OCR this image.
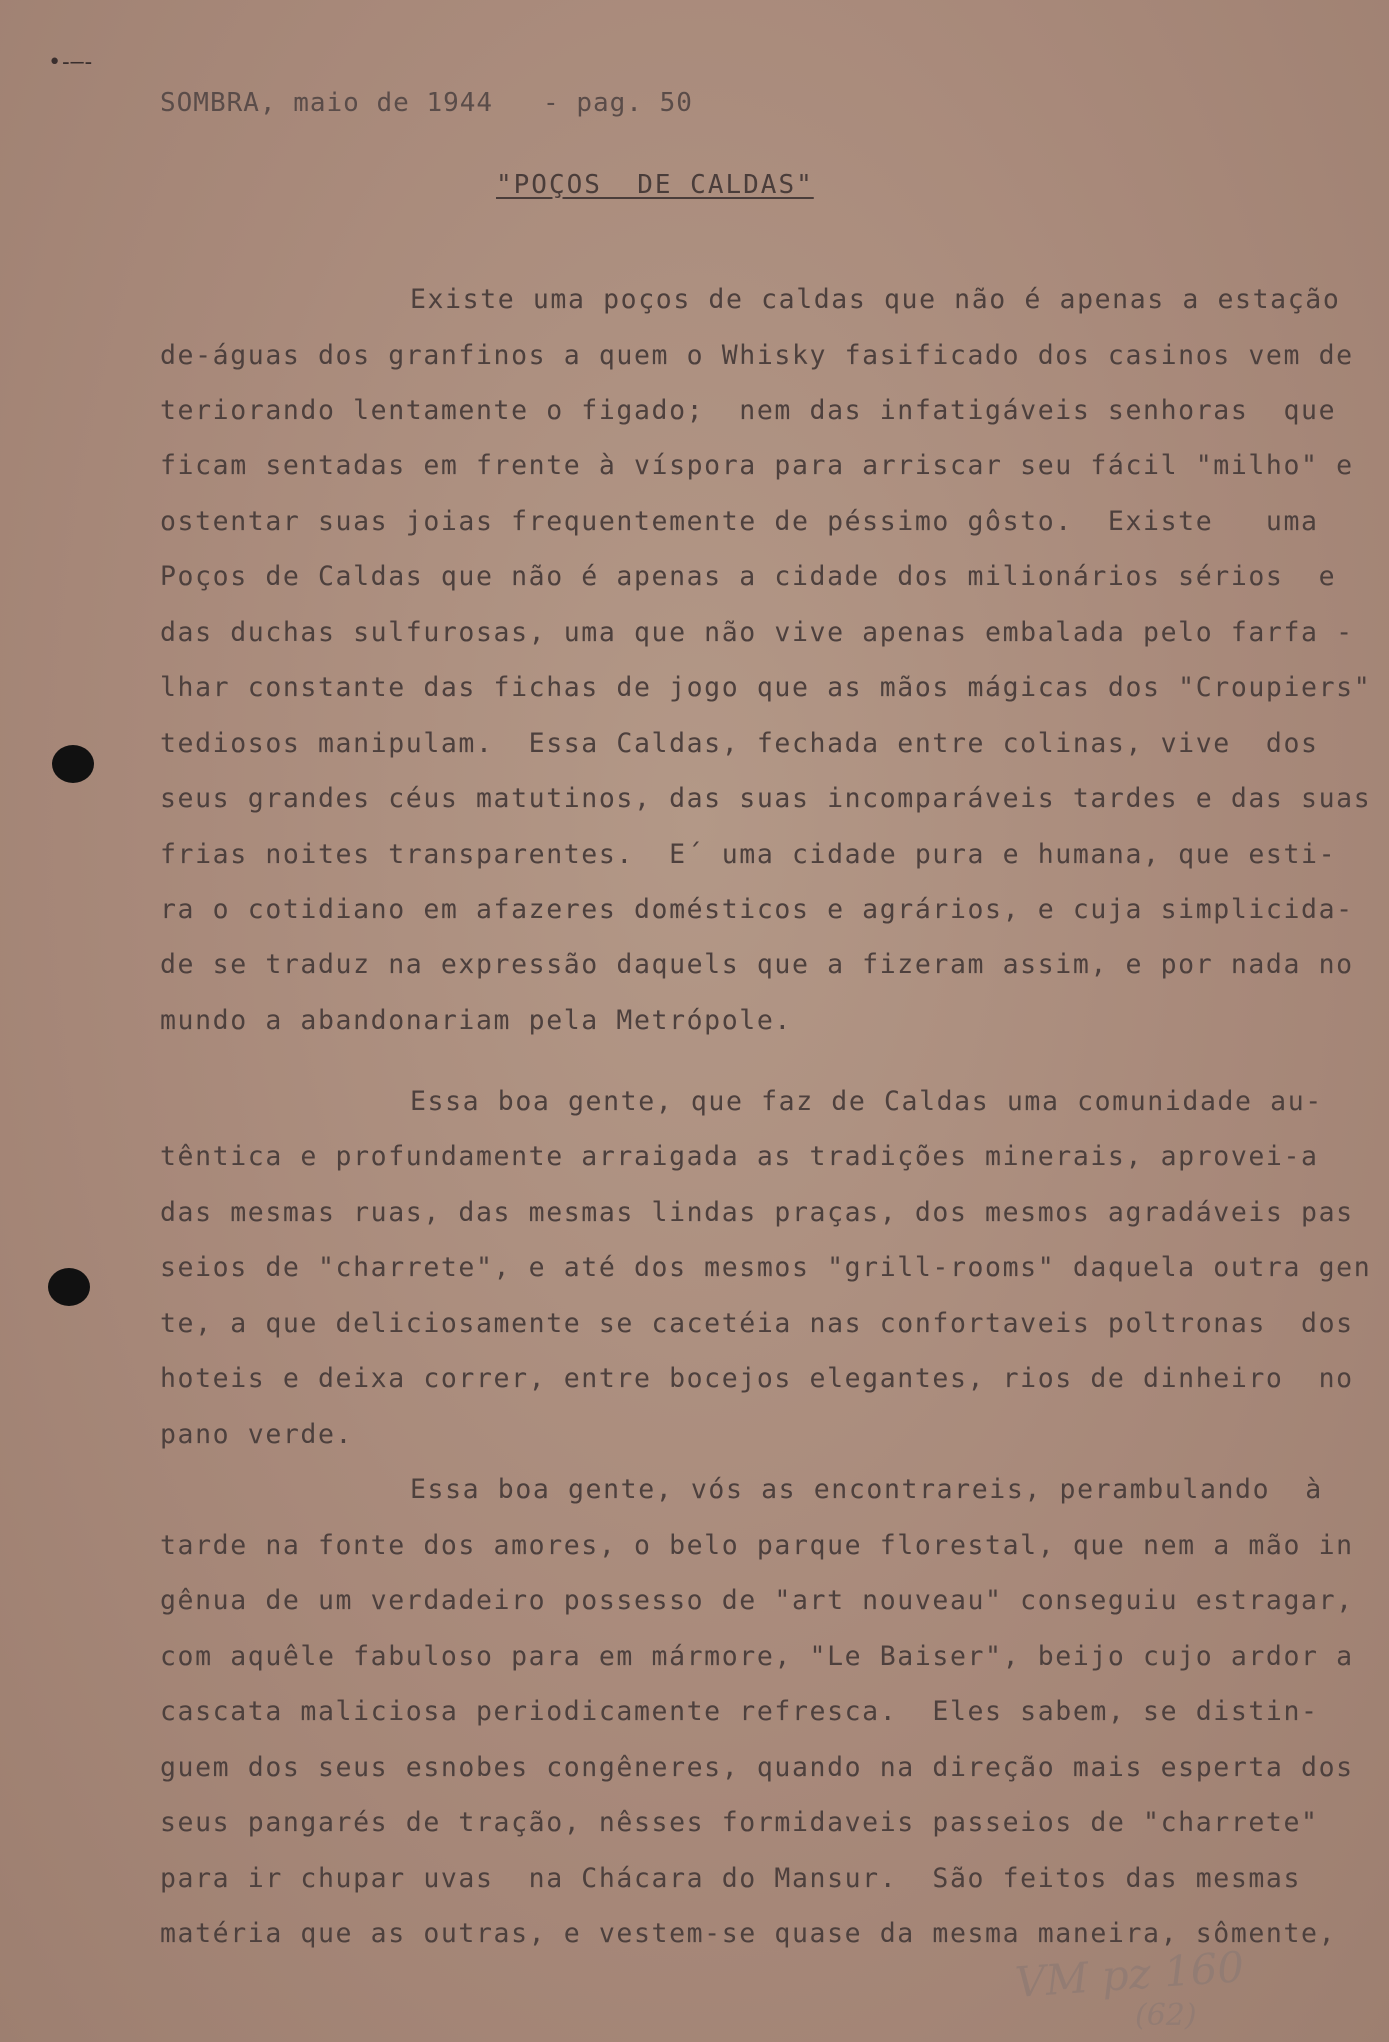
•‑–‑
SOMBRA, maio de 1944   - pag. 50
"POÇOS  DE CALDAS"
Existe uma poços de caldas que não é apenas a estação
de-águas dos granfinos a quem o Whisky fasificado dos casinos vem de
teriorando lentamente o figado;  nem das infatigáveis senhoras  que
ficam sentadas em frente à víspora para arriscar seu fácil "milho" e
ostentar suas joias frequentemente de péssimo gôsto.  Existe   uma
Poços de Caldas que não é apenas a cidade dos milionários sérios  e
das duchas sulfurosas, uma que não vive apenas embalada pelo farfa -
lhar constante das fichas de jogo que as mãos mágicas dos "Croupiers"
tediosos manipulam.  Essa Caldas, fechada entre colinas, vive  dos
seus grandes céus matutinos, das suas incomparáveis tardes e das suas
frias noites transparentes.  E´ uma cidade pura e humana, que esti-
ra o cotidiano em afazeres domésticos e agrários, e cuja simplicida-
de se traduz na expressão daquels que a fizeram assim, e por nada no
mundo a abandonariam pela Metrópole.
Essa boa gente, que faz de Caldas uma comunidade au-
têntica e profundamente arraigada as tradições minerais, aprovei-a
das mesmas ruas, das mesmas lindas praças, dos mesmos agradáveis pas
seios de "charrete", e até dos mesmos "grill-rooms" daquela outra gen
te, a que deliciosamente se cacetéia nas confortaveis poltronas  dos
hoteis e deixa correr, entre bocejos elegantes, rios de dinheiro  no
pano verde.
Essa boa gente, vós as encontrareis, perambulando  à
tarde na fonte dos amores, o belo parque florestal, que nem a mão in
gênua de um verdadeiro possesso de "art nouveau" conseguiu estragar,
com aquêle fabuloso para em mármore, "Le Baiser", beijo cujo ardor a
cascata maliciosa periodicamente refresca.  Eles sabem, se distin-
guem dos seus esnobes congêneres, quando na direção mais esperta dos
seus pangarés de tração, nêsses formidaveis passeios de "charrete"
para ir chupar uvas  na Chácara do Mansur.  São feitos das mesmas
matéria que as outras, e vestem-se quase da mesma maneira, sômente,
VM pz 160
(62)
